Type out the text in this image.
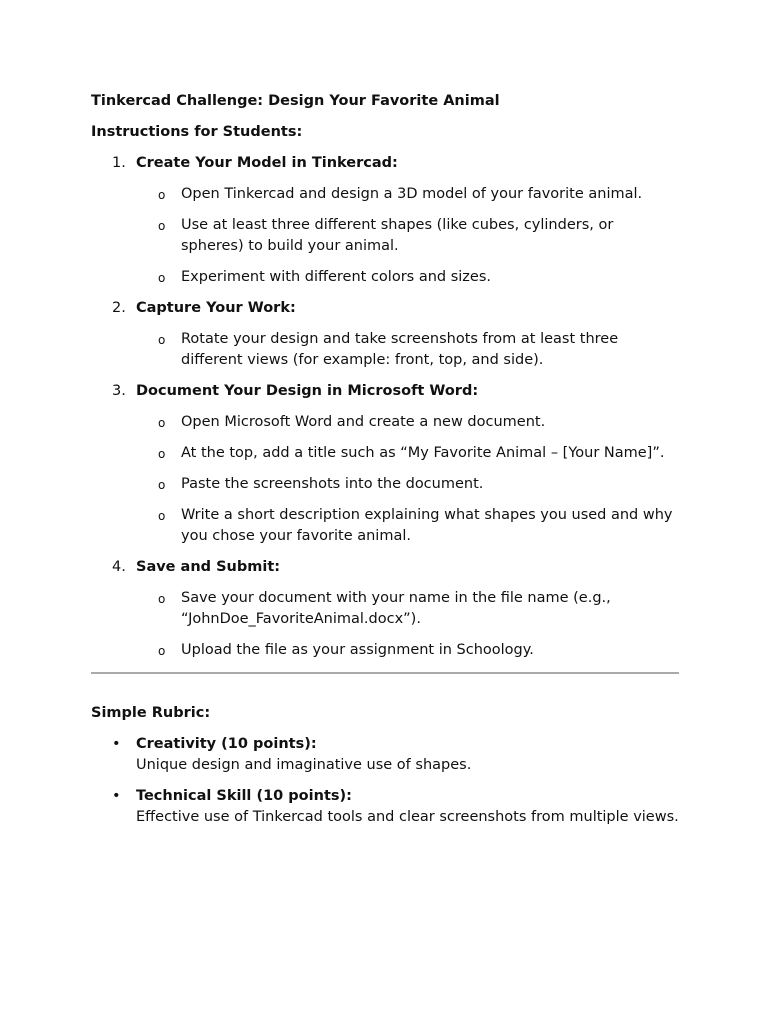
Tinkercad Challenge: Design Your Favorite Animal

Instructions for Students:

1. Create Your Model in Tinkercad:
o Open Tinkercad and design a 3D model of your favorite animal.
o Use at least three different shapes (like cubes, cylinders, or spheres) to build your animal.
o Experiment with different colors and sizes.
2. Capture Your Work:
o Rotate your design and take screenshots from at least three different views (for example: front, top, and side).
3. Document Your Design in Microsoft Word:
o Open Microsoft Word and create a new document.
o At the top, add a title such as “My Favorite Animal – [Your Name]”.
o Paste the screenshots into the document.
o Write a short description explaining what shapes you used and why you chose your favorite animal.
4. Save and Submit:
o Save your document with your name in the file name (e.g., “JohnDoe_FavoriteAnimal.docx”).
o Upload the file as your assignment in Schoology.

Simple Rubric:

• Creativity (10 points):
Unique design and imaginative use of shapes.
• Technical Skill (10 points):
Effective use of Tinkercad tools and clear screenshots from multiple views.
